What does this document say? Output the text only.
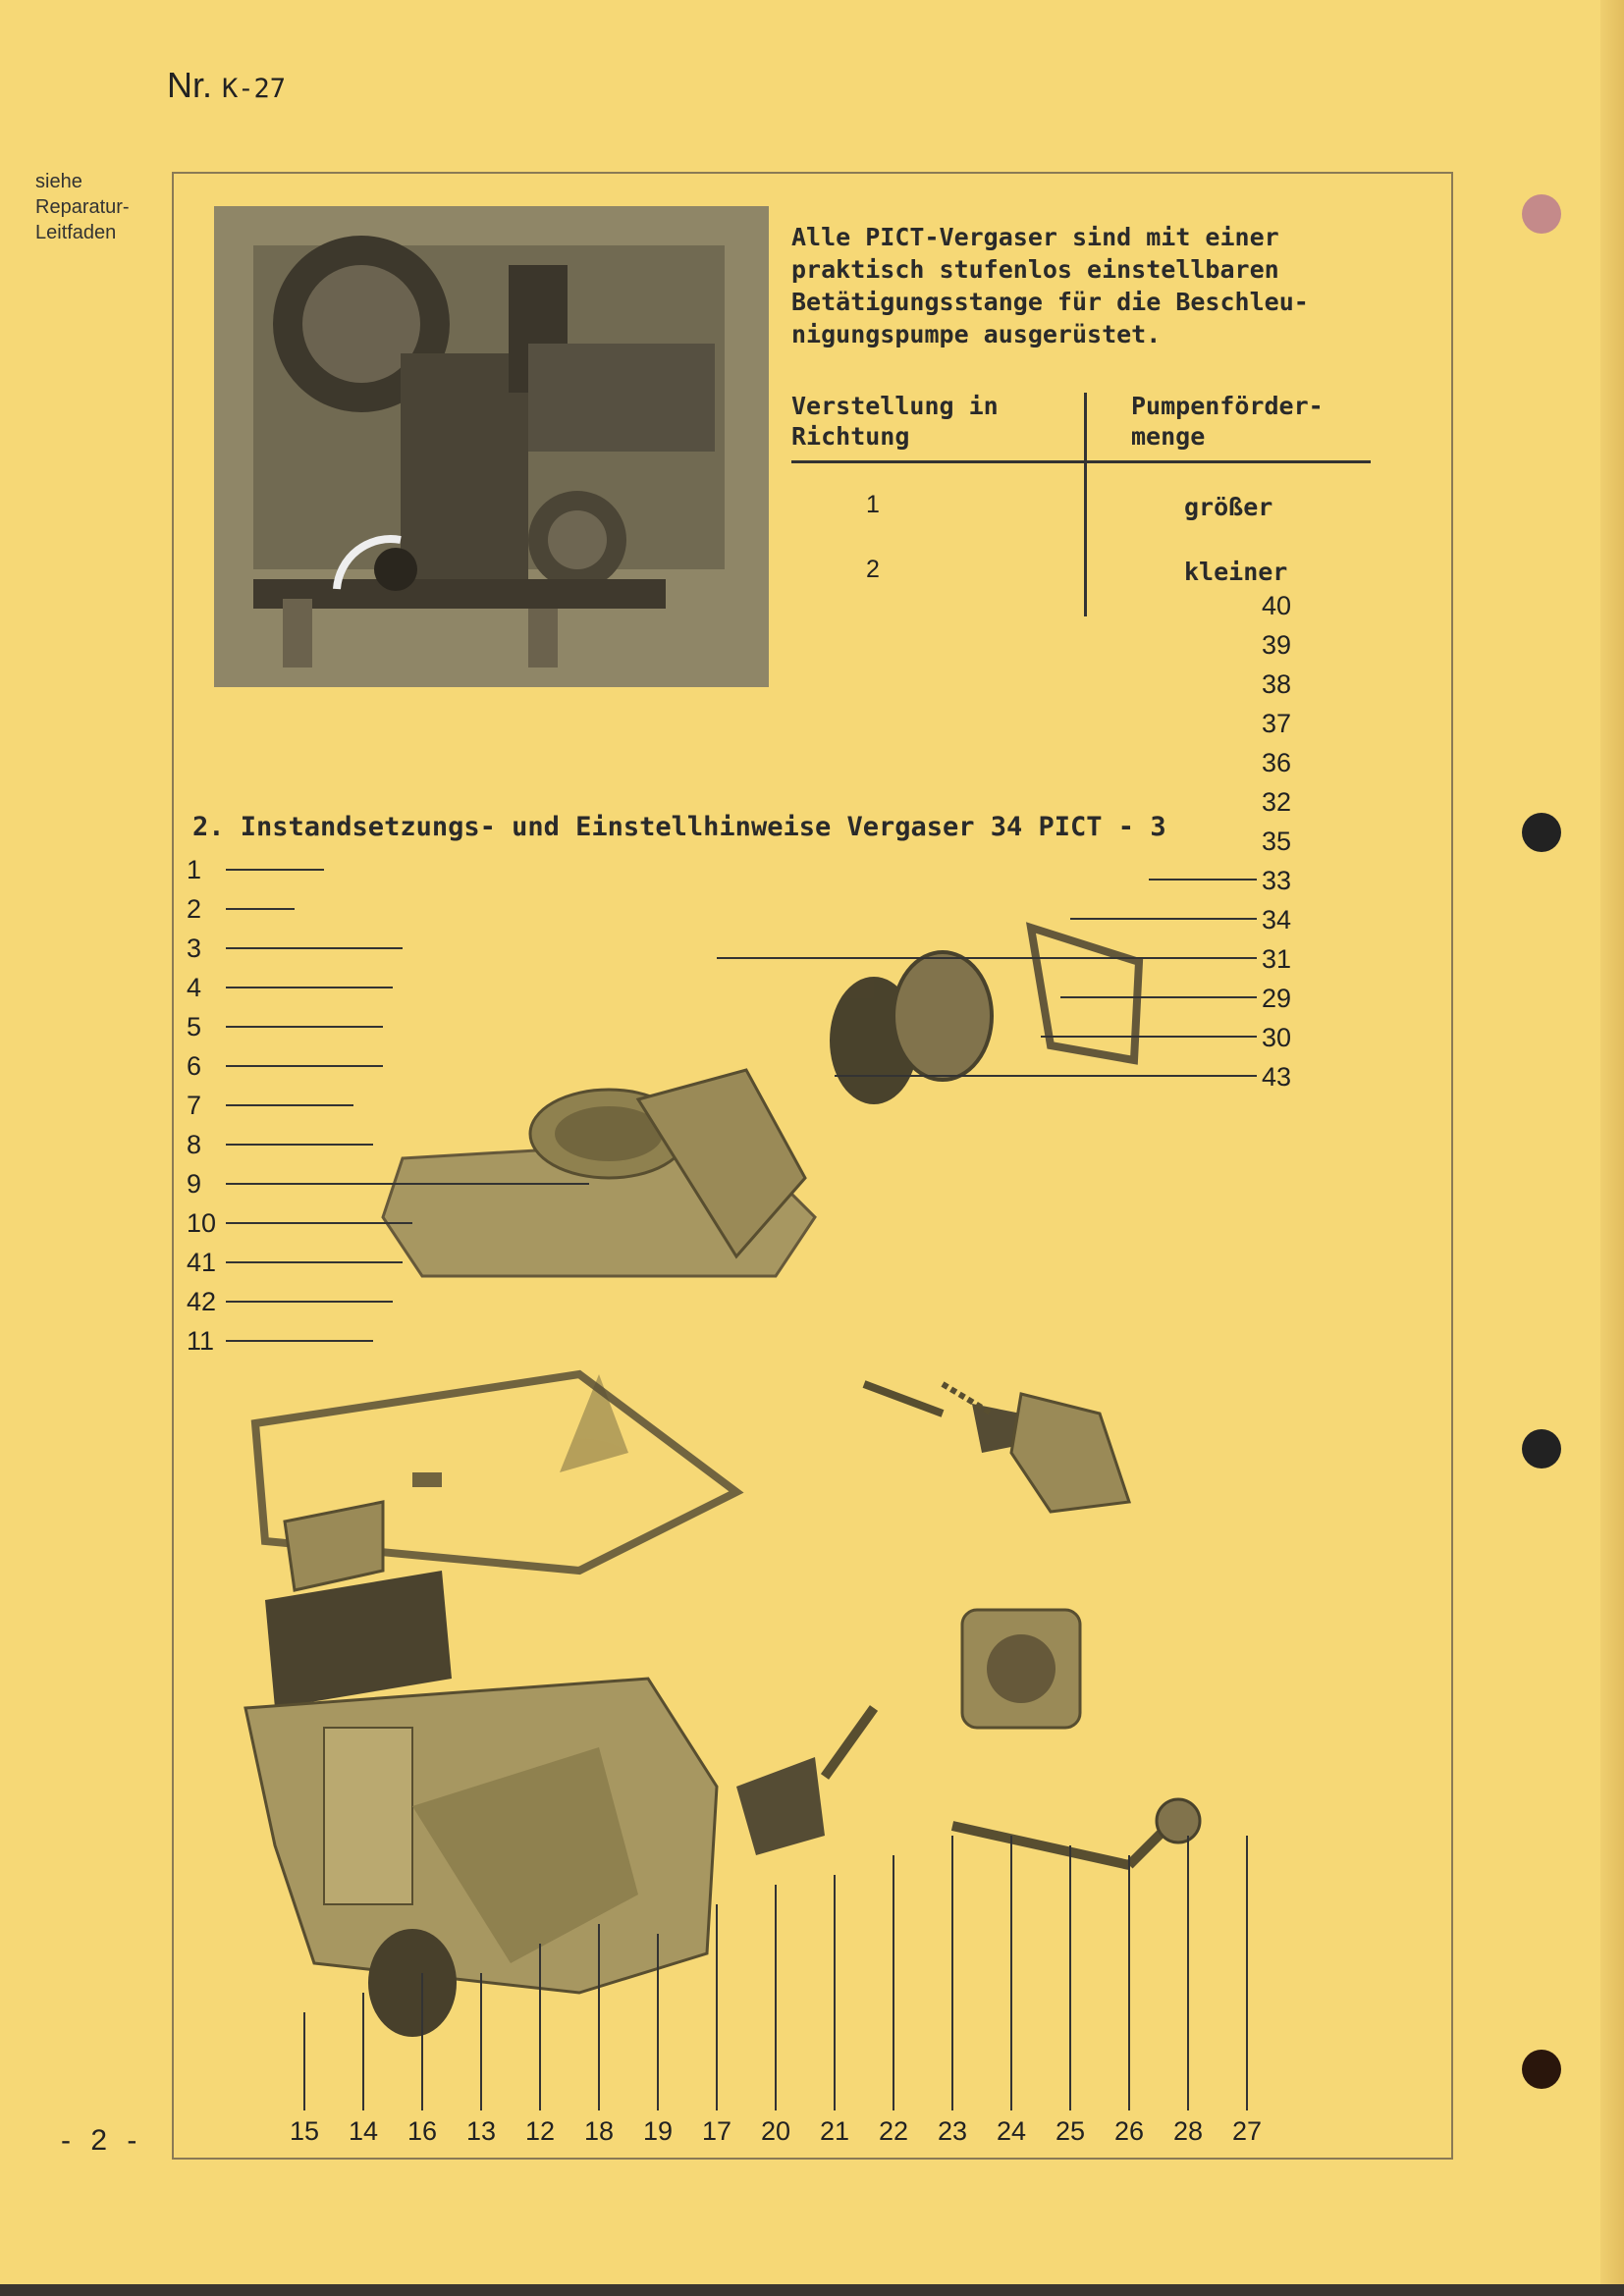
Nr. K-27
siehe
Reparatur-
Leitfaden	Alle PICT-Vergaser sind mit einer
praktisch stufenlos einstellbaren
Betätigungsstange für die Beschleu-
nigungspumpe ausgerüstet.

Verstellung in
Richtung
Pumpenförder-
menge
1
2
größer
kleiner

2. Instandsetzungs- und Einstellhinweise Vergaser 34 PICT - 3

1
2
3
4
5
6
7
8
9
10
41
42
11
40
39
38
37
36
32
35
33
34
31
29
30
43
15 14 16 13 12 18 19 17 20 21 22 23 24 25 26 28 27
- 2 -
